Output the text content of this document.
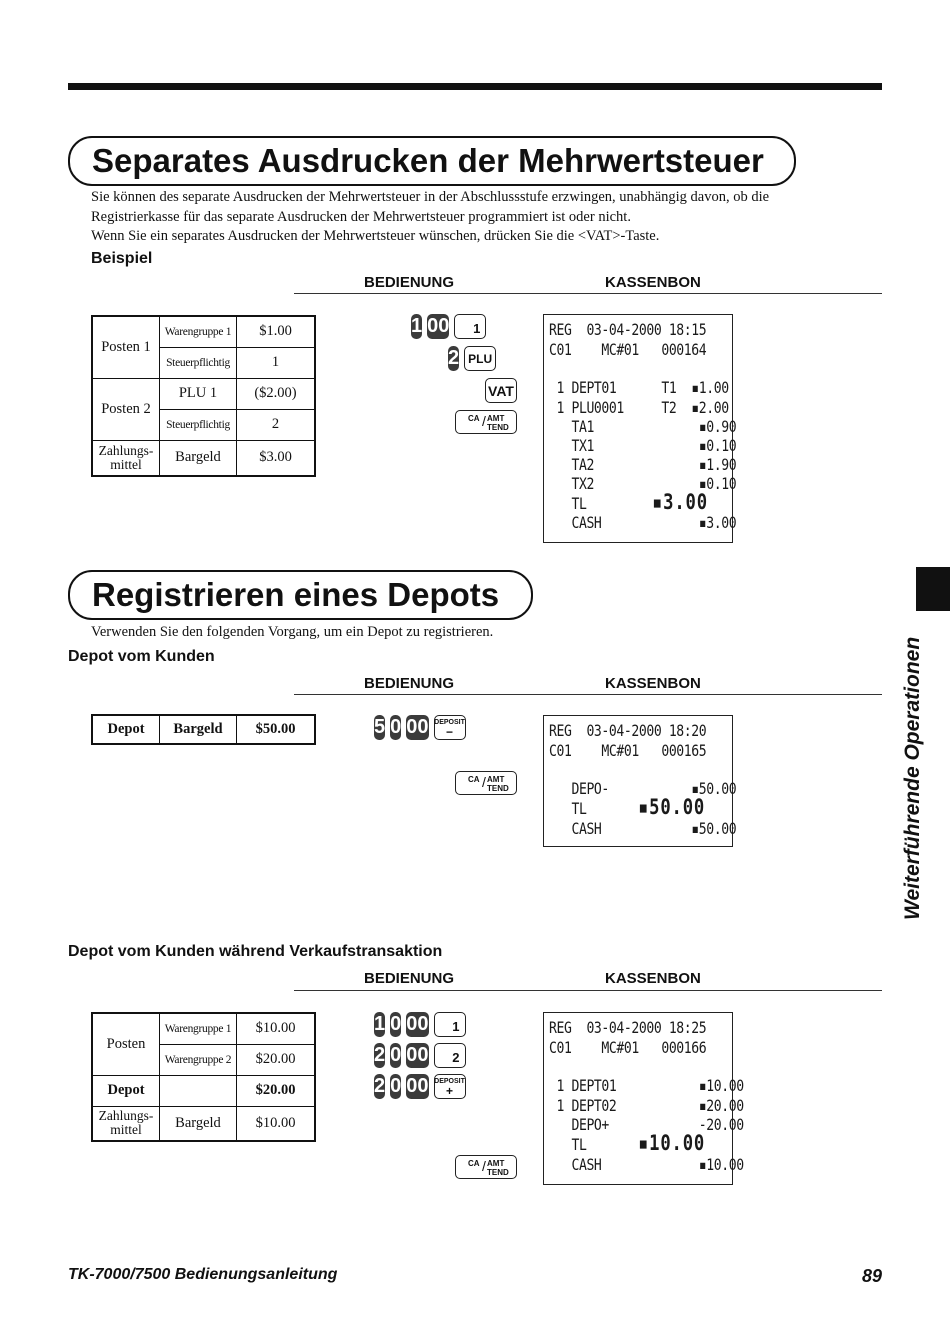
Separates Ausdrucken der Mehrwertsteuer
Sie können des separate Ausdrucken der Mehrwertsteuer in der Abschlussstufe erzwingen, unabhängig davon, ob die
Registrierkasse für das separate Ausdrucken der Mehrwertsteuer programmiert ist oder nicht.
Wenn Sie ein separates Ausdrucken der Mehrwertsteuer wünschen, drücken Sie die <VAT>-Taste.
Beispiel
BEDIENUNG	KASSENBON
Posten 1	Warengruppe 1	$1.00
	Steuerpflichtig	1
Posten 2	PLU 1	($2.00)
	Steuerpflichtig	2

Zahlungs-
mittel	Bargeld	$3.00
1 00	1
2 PLU
VAT
CA / AMT
TEND
REG  03-04-2000 18:15
C01    MC#01   000164
1 DEPT01      T1  ▪1.00
1 PLU0001     T2  ▪2.00
TA1              ▪0.90
TX1              ▪0.10
TA2              ▪1.90
TX2              ▪0.10
TL	▪3.00
CASH             ▪3.00
Registrieren eines Depots
Verwenden Sie den folgenden Vorgang, um ein Depot zu registrieren.
Depot vom Kunden
BEDIENUNG	KASSENBON
Depot	Bargeld	$50.00	5 0 00 DEPOSIT
−
CA / AMT
TEND
REG  03-04-2000 18:20
C01    MC#01   000165
DEPO-           ▪50.00
TL ▪50.00
CASH            ▪50.00
Depot vom Kunden während Verkaufstransaktion
BEDIENUNG	KASSENBON
Posten	Warengruppe 1	$10.00
	Warengruppe 2	$20.00
Depot		$20.00

Zahlungs-
mittel	Bargeld	$10.00
1 0 00	1
2 0 00	2
2 0 00 DEPOSIT
+
CA / AMT
TEND
REG  03-04-2000 18:25
C01    MC#01   000166
1 DEPT01           ▪10.00
1 DEPT02           ▪20.00
DEPO+            -20.00
TL ▪10.00
CASH             ▪10.00
Weiterführende Operationen
TK-7000/7500 Bedienungsanleitung	89
